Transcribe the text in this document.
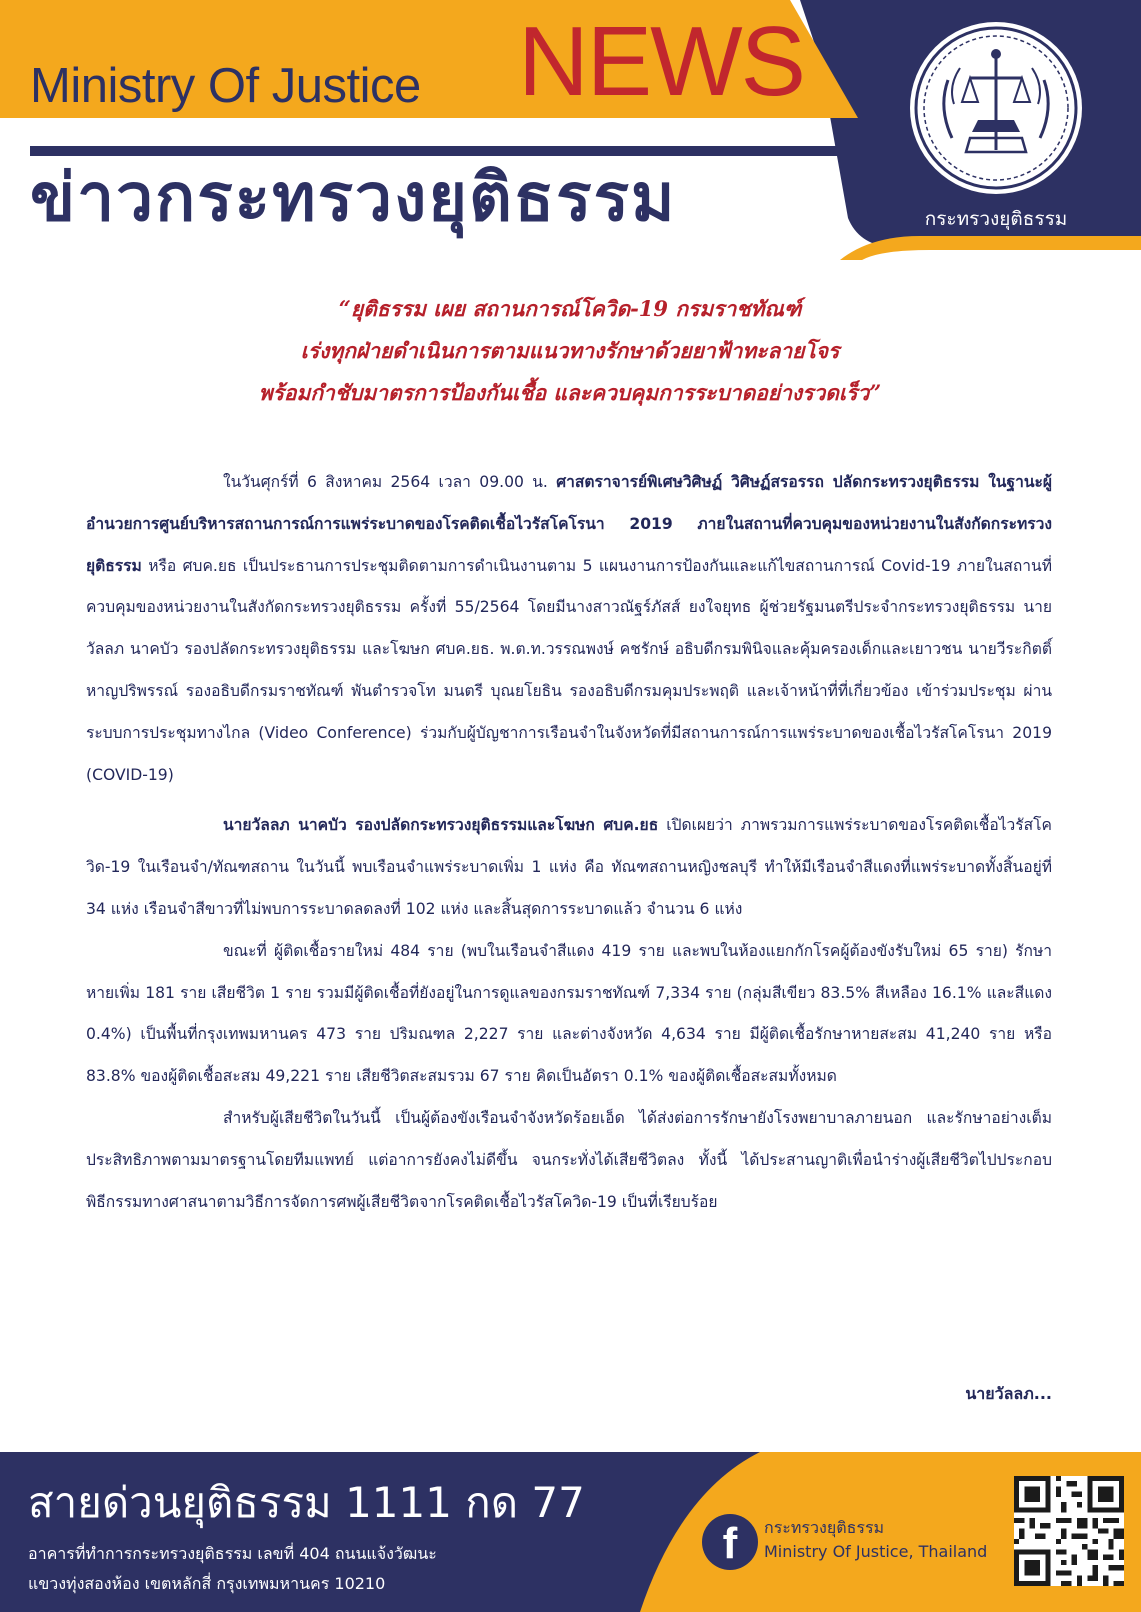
Ministry Of Justice NEWS
ข่าวกระทรวงยุติธรรม	กระทรวงยุติธรรม
“ยุติธรรม เผย สถานการณ์โควิด-19 กรมราชทัณฑ์
เร่งทุกฝ่ายดำเนินการตามแนวทางรักษาด้วยยาฟ้าทะลายโจร
พร้อมกำชับมาตรการป้องกันเชื้อ และควบคุมการระบาดอย่างรวดเร็ว”

ในวันศุกร์ที่ 6 สิงหาคม 2564 เวลา 09.00 น. ศาสตราจารย์พิเศษวิศิษฏ์ วิศิษฏ์สรอรรถ ปลัดกระทรวงยุติธรรม ในฐานะผู้อำนวยการศูนย์บริหารสถานการณ์การแพร่ระบาดของโรคติดเชื้อไวรัสโคโรนา 2019 ภายในสถานที่ควบคุมของหน่วยงานในสังกัดกระทรวงยุติธรรม หรือ ศบค.ยธ เป็นประธานการประชุมติดตามการดำเนินงานตาม 5 แผนงานการป้องกันและแก้ไขสถานการณ์ Covid-19 ภายในสถานที่ควบคุมของหน่วยงานในสังกัดกระทรวงยุติธรรม ครั้งที่ 55/2564 โดยมีนางสาวณัฐร์ภัสส์ ยงใจยุทธ ผู้ช่วยรัฐมนตรีประจำกระทรวงยุติธรรม นายวัลลภ นาคบัว รองปลัดกระทรวงยุติธรรม และโฆษก ศบค.ยธ. พ.ต.ท.วรรณพงษ์ คชรักษ์ อธิบดีกรมพินิจและคุ้มครองเด็กและเยาวชน นายวีระกิตติ์ หาญปริพรรณ์ รองอธิบดีกรมราชทัณฑ์ พันตำรวจโท มนตรี บุณยโยธิน รองอธิบดีกรมคุมประพฤติ และเจ้าหน้าที่ที่เกี่ยวข้อง เข้าร่วมประชุม ผ่านระบบการประชุมทางไกล (Video Conference) ร่วมกับผู้บัญชาการเรือนจำในจังหวัดที่มีสถานการณ์การแพร่ระบาดของเชื้อไวรัสโคโรนา 2019 (COVID-19)

นายวัลลภ นาคบัว รองปลัดกระทรวงยุติธรรมและโฆษก ศบค.ยธ เปิดเผยว่า ภาพรวมการแพร่ระบาดของโรคติดเชื้อไวรัสโควิด-19 ในเรือนจำ/ทัณฑสถาน ในวันนี้ พบเรือนจำแพร่ระบาดเพิ่ม 1 แห่ง คือ ทัณฑสถานหญิงชลบุรี ทำให้มีเรือนจำสีแดงที่แพร่ระบาดทั้งสิ้นอยู่ที่ 34 แห่ง เรือนจำสีขาวที่ไม่พบการระบาดลดลงที่ 102 แห่ง และสิ้นสุดการระบาดแล้ว จำนวน 6 แห่ง

ขณะที่ ผู้ติดเชื้อรายใหม่ 484 ราย (พบในเรือนจำสีแดง 419 ราย และพบในห้องแยกกักโรคผู้ต้องขังรับใหม่ 65 ราย) รักษาหายเพิ่ม 181 ราย เสียชีวิต 1 ราย รวมมีผู้ติดเชื้อที่ยังอยู่ในการดูแลของกรมราชทัณฑ์ 7,334 ราย (กลุ่มสีเขียว 83.5% สีเหลือง 16.1% และสีแดง 0.4%) เป็นพื้นที่กรุงเทพมหานคร 473 ราย ปริมณฑล 2,227 ราย และต่างจังหวัด 4,634 ราย มีผู้ติดเชื้อรักษาหายสะสม 41,240 ราย หรือ 83.8% ของผู้ติดเชื้อสะสม 49,221 ราย เสียชีวิตสะสมรวม 67 ราย คิดเป็นอัตรา 0.1% ของผู้ติดเชื้อสะสมทั้งหมด

สำหรับผู้เสียชีวิตในวันนี้ เป็นผู้ต้องขังเรือนจำจังหวัดร้อยเอ็ด ได้ส่งต่อการรักษายังโรงพยาบาลภายนอก และรักษาอย่างเต็มประสิทธิภาพตามมาตรฐานโดยทีมแพทย์ แต่อาการยังคงไม่ดีขึ้น จนกระทั่งได้เสียชีวิตลง ทั้งนี้ ได้ประสานญาติเพื่อนำร่างผู้เสียชีวิตไปประกอบพิธีกรรมทางศาสนาตามวิธีการจัดการศพผู้เสียชีวิตจากโรคติดเชื้อไวรัสโควิด-19 เป็นที่เรียบร้อย

นายวัลลภ...
สายด่วนยุติธรรม 1111 กด 77
อาคารที่ทำการกระทรวงยุติธรรม เลขที่ 404 ถนนแจ้งวัฒนะ
แขวงทุ่งสองห้อง เขตหลักสี่ กรุงเทพมหานคร 10210
f	กระทรวงยุติธรรม
Ministry Of Justice, Thailand
